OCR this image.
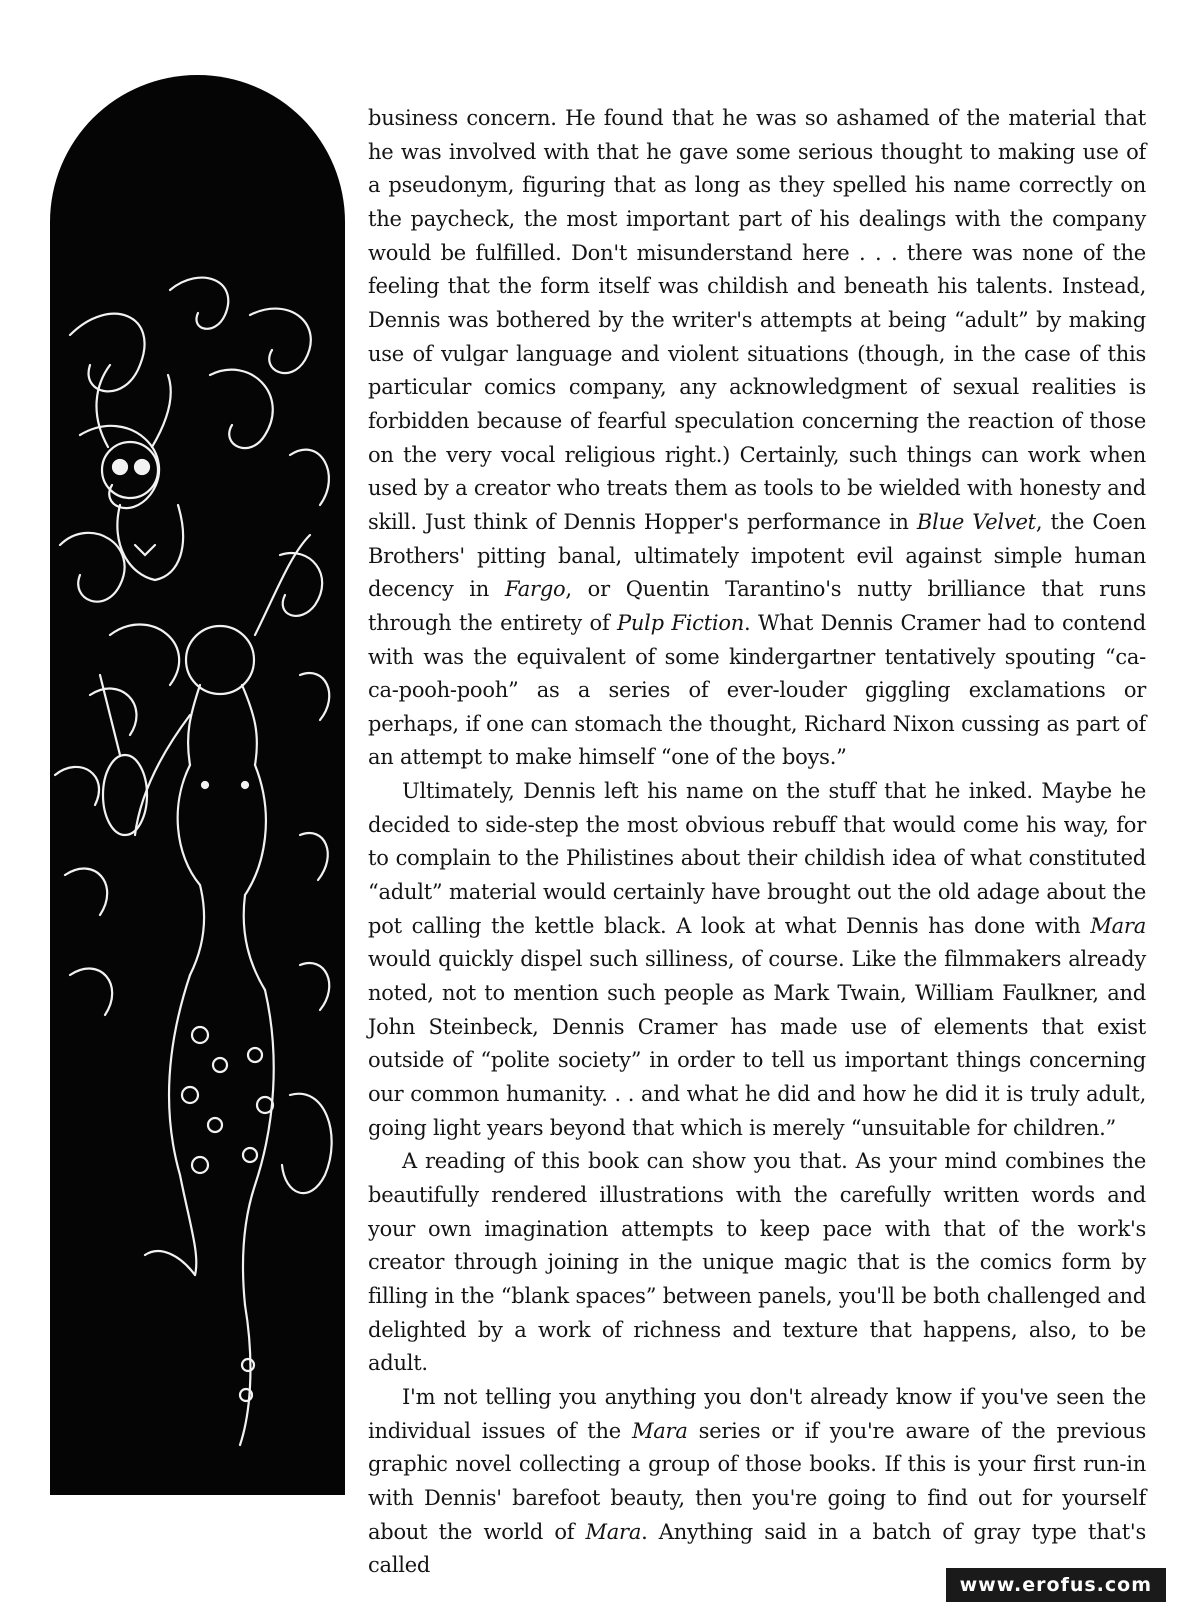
business concern. He found that he was so ashamed of the material that he was involved with that he gave some serious thought to making use of a pseudonym, figuring that as long as they spelled his name correctly on the paycheck, the most important part of his dealings with the company would be fulfilled. Don't misunderstand here . . . there was none of the feeling that the form itself was childish and beneath his talents. Instead, Dennis was bothered by the writer's attempts at being “adult” by making use of vulgar language and violent situations (though, in the case of this particular comics company, any acknowledgment of sexual realities is forbidden because of fearful speculation concerning the reaction of those on the very vocal religious right.) Certainly, such things can work when used by a creator who treats them as tools to be wielded with honesty and skill. Just think of Dennis Hopper's performance in Blue Velvet, the Coen Brothers' pitting banal, ultimately impotent evil against simple human decency in Fargo, or Quentin Tarantino's nutty brilliance that runs through the entirety of Pulp Fiction. What Dennis Cramer had to contend with was the equivalent of some kindergartner tentatively spouting “ca-ca-pooh-pooh” as a series of ever-louder giggling exclamations or perhaps, if one can stomach the thought, Richard Nixon cussing as part of an attempt to make himself “one of the boys.”

Ultimately, Dennis left his name on the stuff that he inked. Maybe he decided to side-step the most obvious rebuff that would come his way, for to complain to the Philistines about their childish idea of what constituted “adult” material would certainly have brought out the old adage about the pot calling the kettle black. A look at what Dennis has done with Mara would quickly dispel such silliness, of course. Like the filmmakers already noted, not to mention such people as Mark Twain, William Faulkner, and John Steinbeck, Dennis Cramer has made use of elements that exist outside of “polite society” in order to tell us important things concerning our common humanity. . . and what he did and how he did it is truly adult, going light years beyond that which is merely “unsuitable for children.”

A reading of this book can show you that. As your mind combines the beautifully rendered illustrations with the carefully written words and your own imagination attempts to keep pace with that of the work's creator through joining in the unique magic that is the comics form by filling in the “blank spaces” between panels, you'll be both challenged and delighted by a work of richness and texture that happens, also, to be adult.

I'm not telling you anything you don't already know if you've seen the individual issues of the Mara series or if you're aware of the previous graphic novel collecting a group of those books. If this is your first run-in with Dennis' barefoot beauty, then you're going to find out for yourself about the world of Mara. Anything said in a batch of gray type that's called

www.erofus.com
